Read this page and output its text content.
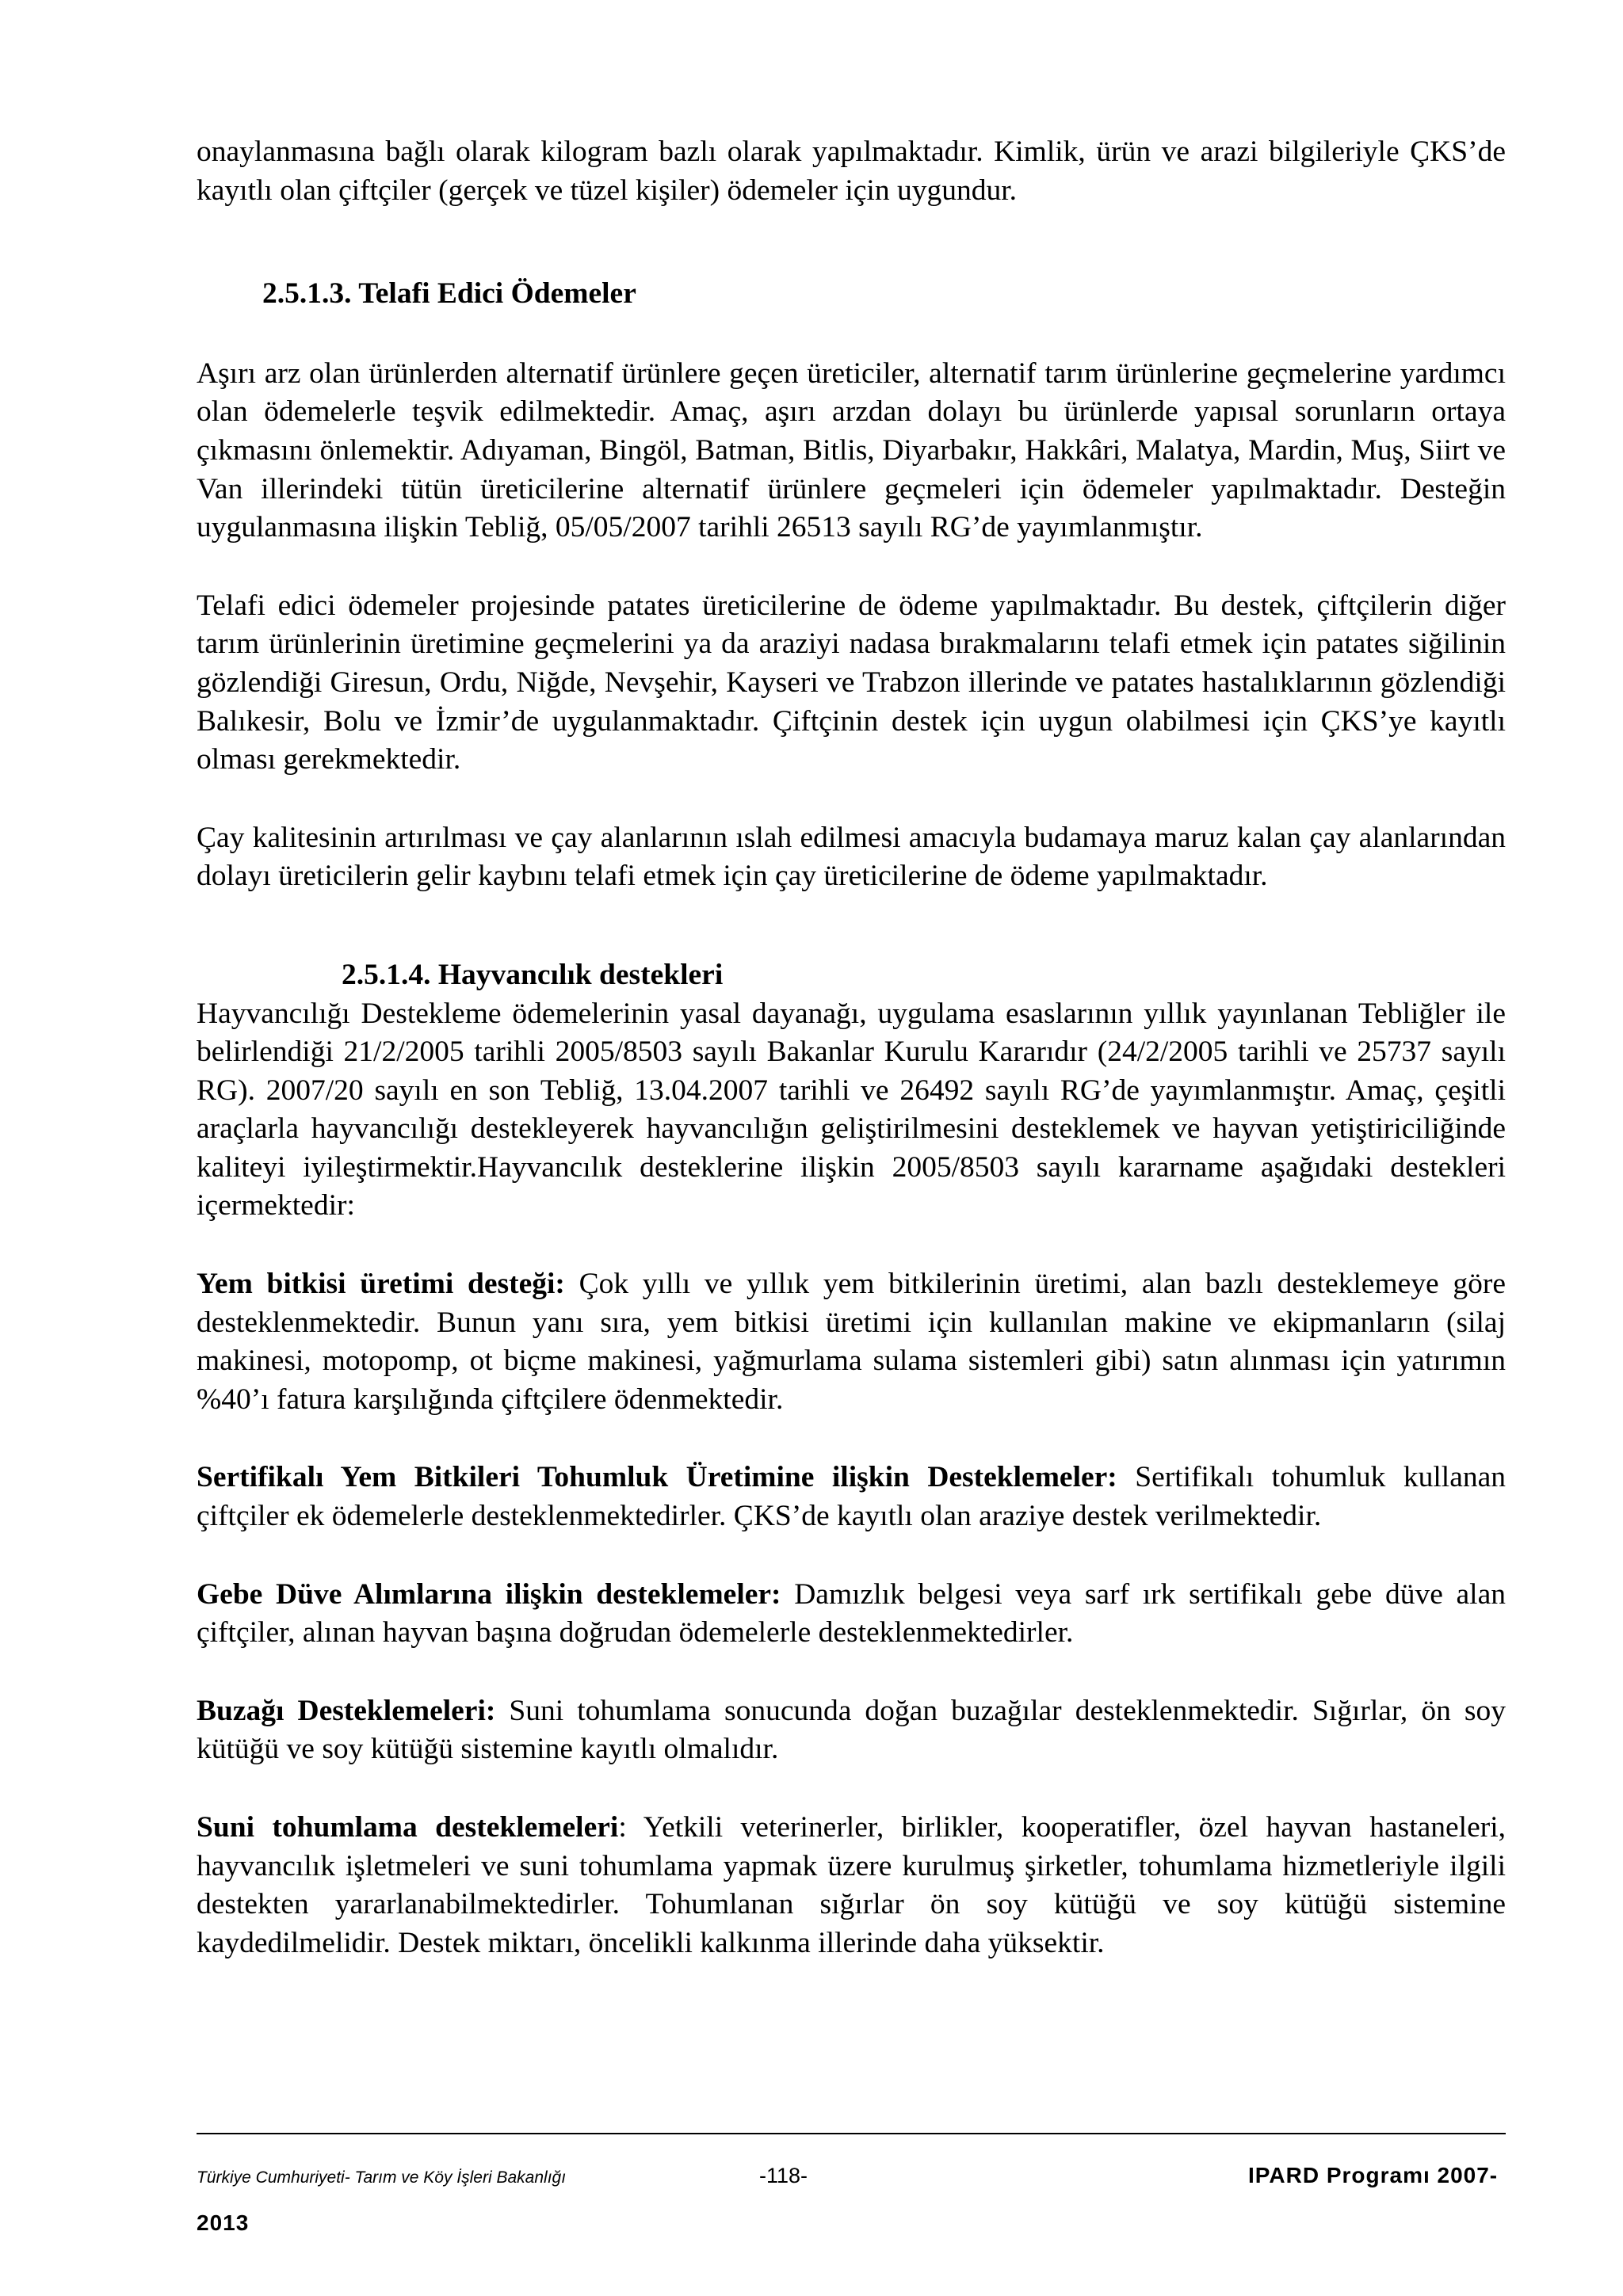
onaylanmasına bağlı olarak kilogram bazlı olarak yapılmaktadır. Kimlik, ürün ve arazi bilgileriyle ÇKS’de kayıtlı olan çiftçiler (gerçek ve tüzel kişiler) ödemeler için uygundur.

2.5.1.3. Telafi Edici Ödemeler

Aşırı arz olan ürünlerden alternatif ürünlere geçen üreticiler, alternatif tarım ürünlerine geçmelerine yardımcı olan ödemelerle teşvik edilmektedir. Amaç, aşırı arzdan dolayı bu ürünlerde yapısal sorunların ortaya çıkmasını önlemektir. Adıyaman, Bingöl, Batman, Bitlis, Diyarbakır, Hakkâri, Malatya, Mardin, Muş, Siirt ve Van illerindeki tütün üreticilerine alternatif ürünlere geçmeleri için ödemeler yapılmaktadır. Desteğin uygulanmasına ilişkin Tebliğ, 05/05/2007 tarihli 26513 sayılı RG’de yayımlanmıştır.

Telafi edici ödemeler projesinde patates üreticilerine de ödeme yapılmaktadır. Bu destek, çiftçilerin diğer tarım ürünlerinin üretimine geçmelerini ya da araziyi nadasa bırakmalarını telafi etmek için patates siğilinin gözlendiği Giresun, Ordu, Niğde, Nevşehir, Kayseri ve Trabzon illerinde ve patates hastalıklarının gözlendiği Balıkesir, Bolu ve İzmir’de uygulanmaktadır. Çiftçinin destek için uygun olabilmesi için ÇKS’ye kayıtlı olması gerekmektedir.

Çay kalitesinin artırılması ve çay alanlarının ıslah edilmesi amacıyla budamaya maruz kalan çay alanlarından dolayı üreticilerin gelir kaybını telafi etmek için çay üreticilerine de ödeme yapılmaktadır.

2.5.1.4. Hayvancılık destekleri

Hayvancılığı Destekleme ödemelerinin yasal dayanağı, uygulama esaslarının yıllık yayınlanan Tebliğler ile belirlendiği 21/2/2005 tarihli 2005/8503 sayılı Bakanlar Kurulu Kararıdır (24/2/2005 tarihli ve 25737 sayılı RG). 2007/20 sayılı en son Tebliğ, 13.04.2007 tarihli ve 26492 sayılı RG’de yayımlanmıştır. Amaç, çeşitli araçlarla hayvancılığı destekleyerek hayvancılığın geliştirilmesini desteklemek ve hayvan yetiştiriciliğinde kaliteyi iyileştirmektir.Hayvancılık desteklerine ilişkin 2005/8503 sayılı kararname aşağıdaki destekleri içermektedir:

Yem bitkisi üretimi desteği: Çok yıllı ve yıllık yem bitkilerinin üretimi, alan bazlı desteklemeye göre desteklenmektedir. Bunun yanı sıra, yem bitkisi üretimi için kullanılan makine ve ekipmanların (silaj makinesi, motopomp, ot biçme makinesi, yağmurlama sulama sistemleri gibi) satın alınması için yatırımın %40’ı fatura karşılığında çiftçilere ödenmektedir.

Sertifikalı Yem Bitkileri Tohumluk Üretimine ilişkin Desteklemeler: Sertifikalı tohumluk kullanan çiftçiler ek ödemelerle desteklenmektedirler. ÇKS’de kayıtlı olan araziye destek verilmektedir.

Gebe Düve Alımlarına ilişkin desteklemeler: Damızlık belgesi veya sarf ırk sertifikalı gebe düve alan çiftçiler, alınan hayvan başına doğrudan ödemelerle desteklenmektedirler.

Buzağı Desteklemeleri: Suni tohumlama sonucunda doğan buzağılar desteklenmektedir. Sığırlar, ön soy kütüğü ve soy kütüğü sistemine kayıtlı olmalıdır.

Suni tohumlama desteklemeleri: Yetkili veterinerler, birlikler, kooperatifler, özel hayvan hastaneleri, hayvancılık işletmeleri ve suni tohumlama yapmak üzere kurulmuş şirketler, tohumlama hizmetleriyle ilgili destekten yararlanabilmektedirler. Tohumlanan sığırlar ön soy kütüğü ve soy kütüğü sistemine kaydedilmelidir. Destek miktarı, öncelikli kalkınma illerinde daha yüksektir.

Türkiye Cumhuriyeti- Tarım ve Köy İşleri Bakanlığı	-118-	IPARD Programı 2007-
2013
